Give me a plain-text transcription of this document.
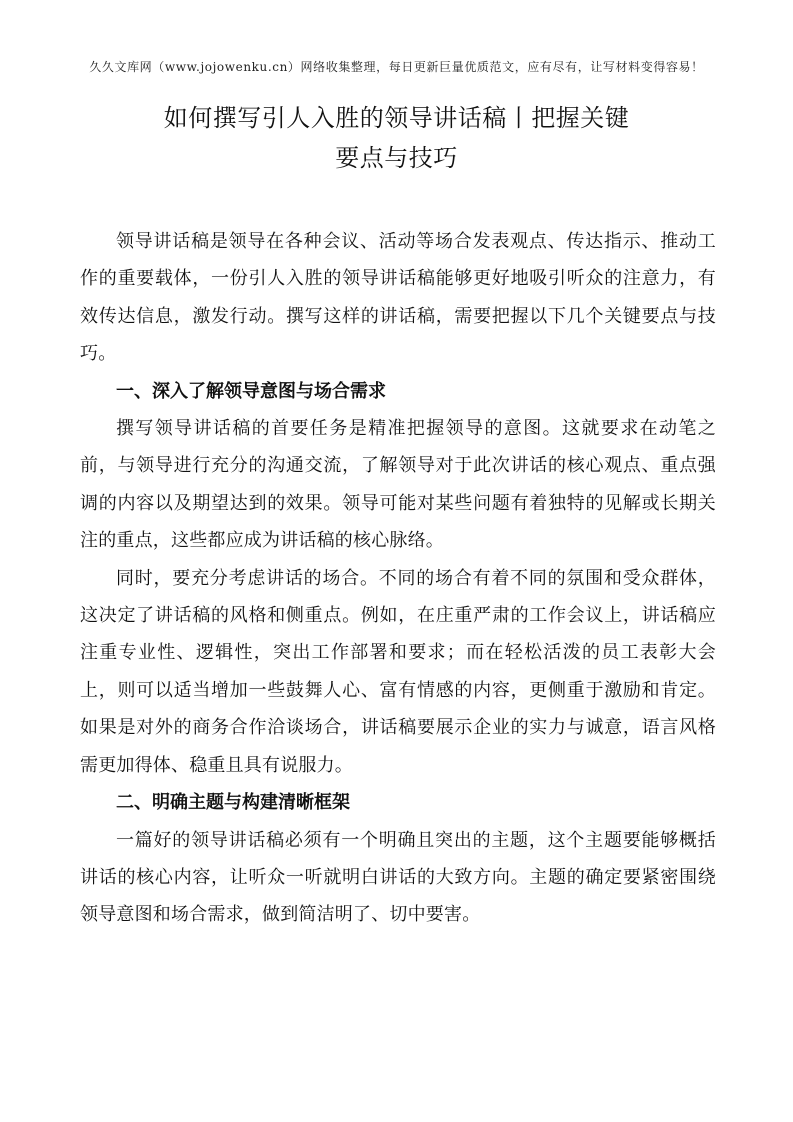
久久文库网（www.jojowenku.cn）网络收集整理，每日更新巨量优质范文，应有尽有，让写材料变得容易！
如何撰写引人入胜的领导讲话稿丨把握关键
要点与技巧

领导讲话稿是领导在各种会议、活动等场合发表观点、传达指示、推动工作的重要载体，一份引人入胜的领导讲话稿能够更好地吸引听众的注意力，有效传达信息，激发行动。撰写这样的讲话稿，需要把握以下几个关键要点与技巧。

一、深入了解领导意图与场合需求

撰写领导讲话稿的首要任务是精准把握领导的意图。这就要求在动笔之前，与领导进行充分的沟通交流，了解领导对于此次讲话的核心观点、重点强调的内容以及期望达到的效果。领导可能对某些问题有着独特的见解或长期关注的重点，这些都应成为讲话稿的核心脉络。

同时，要充分考虑讲话的场合。不同的场合有着不同的氛围和受众群体，这决定了讲话稿的风格和侧重点。例如，在庄重严肃的工作会议上，讲话稿应注重专业性、逻辑性，突出工作部署和要求；而在轻松活泼的员工表彰大会上，则可以适当增加一些鼓舞人心、富有情感的内容，更侧重于激励和肯定。如果是对外的商务合作洽谈场合，讲话稿要展示企业的实力与诚意，语言风格需更加得体、稳重且具有说服力。

二、明确主题与构建清晰框架

一篇好的领导讲话稿必须有一个明确且突出的主题，这个主题要能够概括讲话的核心内容，让听众一听就明白讲话的大致方向。主题的确定要紧密围绕领导意图和场合需求，做到简洁明了、切中要害。
